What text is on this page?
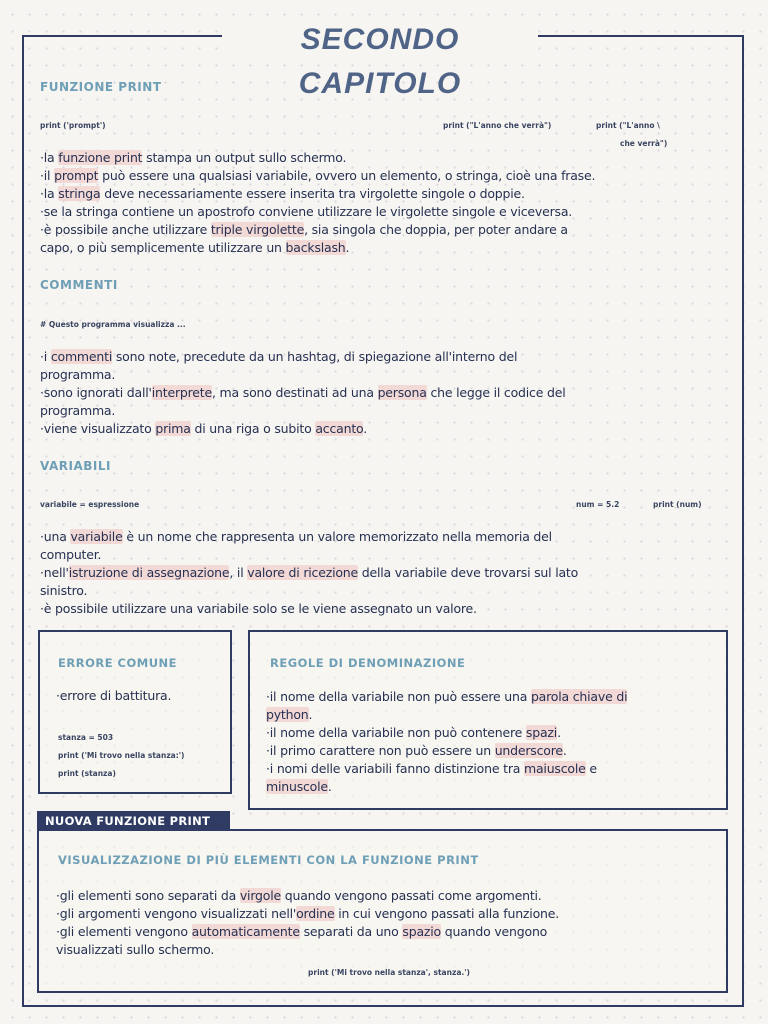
SECONDO CAPITOLO
FUNZIONE PRINT
print ('prompt')	print ("L'anno che verrà")	print ("L'anno \
che verrà")
COMMENTI
# Questo programma visualizza ...
VARIABILI
variabile = espressione	num = 5.2	print (num)
ERRORE COMUNE
·errore di battitura.
stanza = 503
print ('Mi trovo nella stanza:')
print (stanza)
REGOLE DI DENOMINAZIONE
NUOVA FUNZIONE PRINT
VISUALIZZAZIONE DI PIÙ ELEMENTI CON LA FUNZIONE PRINT
print ('Mi trovo nella stanza', stanza.')
·la funzione print stampa un output sullo schermo.
·il prompt può essere una qualsiasi variabile, ovvero un elemento, o stringa, cioè una frase.
·la stringa deve necessariamente essere inserita tra virgolette singole o doppie.
·se la stringa contiene un apostrofo conviene utilizzare le virgolette singole e viceversa.
·è possibile anche utilizzare triple virgolette, sia singola che doppia, per poter andare a
capo, o più semplicemente utilizzare un backslash.
·i commenti sono note, precedute da un hashtag, di spiegazione all'interno del
programma.
·sono ignorati dall'interprete, ma sono destinati ad una persona che legge il codice del
programma.
·viene visualizzato prima di una riga o subito accanto.
·una variabile è un nome che rappresenta un valore memorizzato nella memoria del
computer.
·nell'istruzione di assegnazione, il valore di ricezione della variabile deve trovarsi sul lato
sinistro.
·è possibile utilizzare una variabile solo se le viene assegnato un valore.
·il nome della variabile non può essere una parola chiave di
python.
·il nome della variabile non può contenere spazi.
·il primo carattere non può essere un underscore.
·i nomi delle variabili fanno distinzione tra maiuscole e
minuscole.
·gli elementi sono separati da virgole quando vengono passati come argomenti.
·gli argomenti vengono visualizzati nell'ordine in cui vengono passati alla funzione.
·gli elementi vengono automaticamente separati da uno spazio quando vengono
visualizzati sullo schermo.
